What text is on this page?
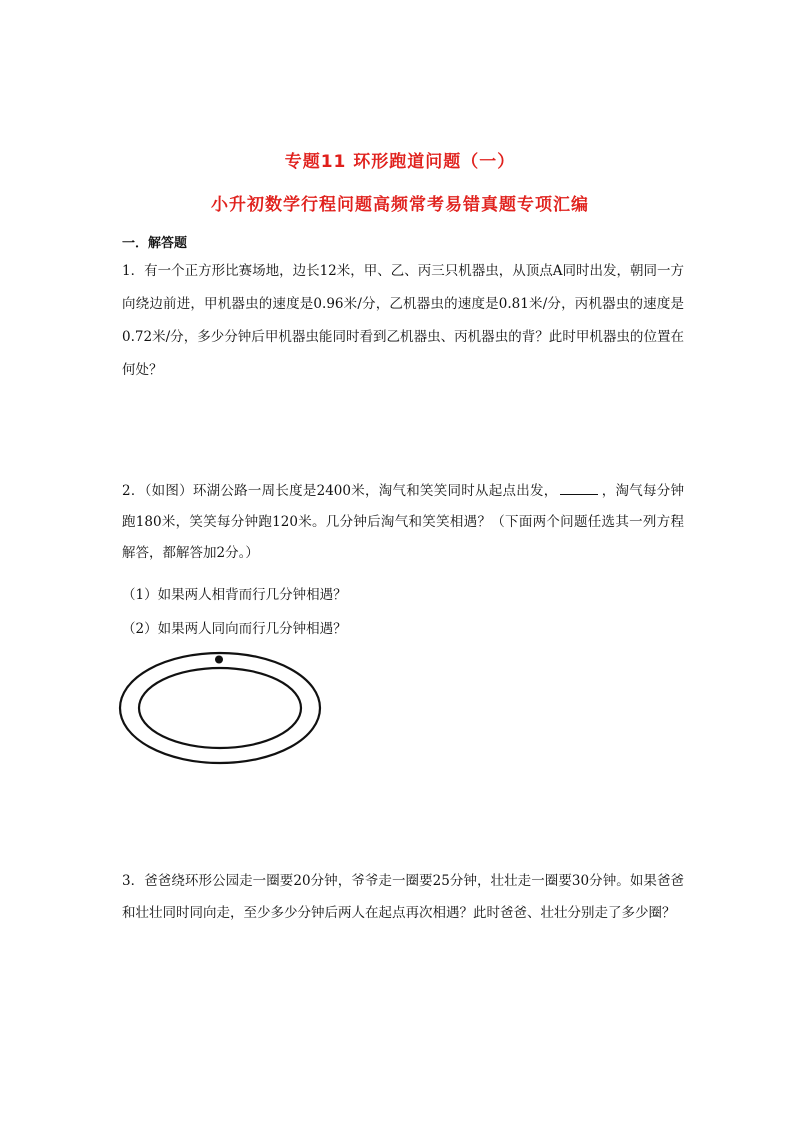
专题11 环形跑道问题（一）
小升初数学行程问题高频常考易错真题专项汇编
一．解答题
1．有一个正方形比赛场地，边长12米，甲、乙、丙三只机器虫，从顶点A同时出发，朝同一方向绕边前进，甲机器虫的速度是0.96米/分，乙机器虫的速度是0.81米/分，丙机器虫的速度是0.72米/分，多少分钟后甲机器虫能同时看到乙机器虫、丙机器虫的背？此时甲机器虫的位置在何处？
2．（如图）环湖公路一周长度是2400米，淘气和笑笑同时从起点出发，	，淘气每分钟跑180米，笑笑每分钟跑120米。几分钟后淘气和笑笑相遇？（下面两个问题任选其一列方程解答，都解答加2分。）
（1）如果两人相背而行几分钟相遇？
（2）如果两人同向而行几分钟相遇？
3．爸爸绕环形公园走一圈要20分钟，爷爷走一圈要25分钟，壮壮走一圈要30分钟。如果爸爸和壮壮同时同向走，至少多少分钟后两人在起点再次相遇？此时爸爸、壮壮分别走了多少圈？
